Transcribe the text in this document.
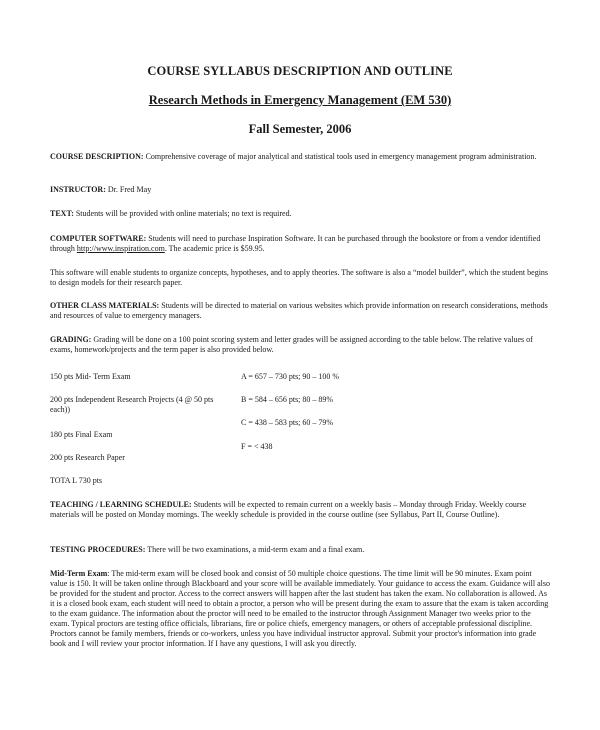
COURSE SYLLABUS DESCRIPTION AND OUTLINE
Research Methods in Emergency Management (EM 530)
Fall Semester, 2006
COURSE DESCRIPTION: Comprehensive coverage of major analytical and statistical tools used in emergency management program administration.
INSTRUCTOR: Dr. Fred May
TEXT: Students will be provided with online materials; no text is required.
COMPUTER SOFTWARE: Students will need to purchase Inspiration Software. It can be purchased through the bookstore or from a vendor identified through http://www.inspiration.com. The academic price is $59.95.
This software will enable students to organize concepts, hypotheses, and to apply theories. The software is also a “model builder”, which the student begins to design models for their research paper.
OTHER CLASS MATERIALS: Students will be directed to material on various websites which provide information on research considerations, methods and resources of value to emergency managers.
GRADING: Grading will be done on a 100 point scoring system and letter grades will be assigned according to the table below. The relative values of exams, homework/projects and the term paper is also provided below.
150 pts Mid- Term Exam
200 pts Independent Research Projects (4 @ 50 pts each))
180 pts Final Exam
200 pts Research Paper
TOTA L 730 pts
A = 657 – 730 pts; 90 – 100 %
B = 584 – 656 pts; 80 – 89%
C = 438 – 583 pts; 60 – 79%
F = < 438
TEACHING / LEARNING SCHEDULE: Students will be expected to remain current on a weekly basis – Monday through Friday. Weekly course materials will be posted on Monday mornings. The weekly schedule is provided in the course outline (see Syllabus, Part II, Course Outline).
TESTING PROCEDURES: There will be two examinations, a mid-term exam and a final exam.
Mid-Term Exam: The mid-term exam will be closed book and consist of 50 multiple choice questions. The time limit will be 90 minutes. Exam point value is 150. It will be taken online through Blackboard and your score will be available immediately. Your guidance to access the exam. Guidance will also be provided for the student and proctor. Access to the correct answers will happen after the last student has taken the exam. No collaboration is allowed. As it is a closed book exam, each student will need to obtain a proctor, a person who will be present during the exam to assure that the exam is taken according to the exam guidance. The information about the proctor will need to be emailed to the instructor through Assignment Manager two weeks prior to the exam. Typical proctors are testing office officials, librarians, fire or police chiefs, emergency managers, or others of acceptable professional discipline. Proctors cannot be family members, friends or co-workers, unless you have individual instructor approval. Submit your proctor's information into grade book and I will review your proctor information. If I have any questions, I will ask you directly.
